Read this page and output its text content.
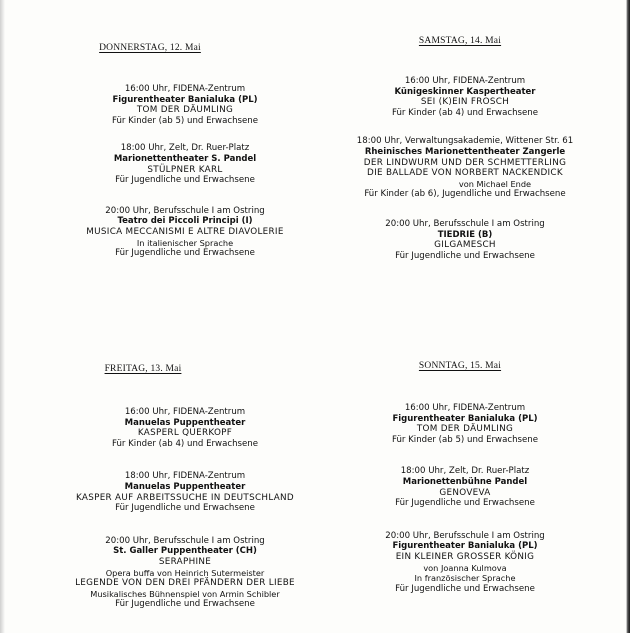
DONNERSTAG, 12. Mai
16:00 Uhr, FIDENA-Zentrum
Figurentheater Banialuka (PL)
TOM DER DÄUMLING
Für Kinder (ab 5) und Erwachsene
18:00 Uhr, Zelt, Dr. Ruer-Platz
Marionettentheater S. Pandel
STÜLPNER KARL
Für Jugendliche und Erwachsene
20:00 Uhr, Berufsschule I am Ostring
Teatro dei Piccoli Principi (I)
MUSICA MECCANISMI E ALTRE DIAVOLERIE
In italienischer Sprache
Für Jugendliche und Erwachsene
SAMSTAG, 14. Mai
16:00 Uhr, FIDENA-Zentrum
Künigeskinner Kaspertheater
SEI (K)EIN FROSCH
Für Kinder (ab 4) und Erwachsene
18:00 Uhr, Verwaltungsakademie, Wittener Str. 61
Rheinisches Marionettentheater Zangerle
DER LINDWURM UND DER SCHMETTERLING
DIE BALLADE VON NORBERT NACKENDICK
von Michael Ende
Für Kinder (ab 6), Jugendliche und Erwachsene
20:00 Uhr, Berufsschule I am Ostring
TIEDRIE (B)
GILGAMESCH
Für Jugendliche und Erwachsene
FREITAG, 13. Mai
16:00 Uhr, FIDENA-Zentrum
Manuelas Puppentheater
KASPERL QUERKOPF
Für Kinder (ab 4) und Erwachsene
18:00 Uhr, FIDENA-Zentrum
Manuelas Puppentheater
KASPER AUF ARBEITSSUCHE IN DEUTSCHLAND
Für Jugendliche und Erwachsene
20:00 Uhr, Berufsschule I am Ostring
St. Galler Puppentheater (CH)
SERAPHINE
Opera buffa von Heinrich Sutermeister
LEGENDE VON DEN DREI PFÄNDERN DER LIEBE
Musikalisches Bühnenspiel von Armin Schibler
Für Jugendliche und Erwachsene
SONNTAG, 15. Mai
16:00 Uhr, FIDENA-Zentrum
Figurentheater Banialuka (PL)
TOM DER DÄUMLING
Für Kinder (ab 5) und Erwachsene
18:00 Uhr, Zelt, Dr. Ruer-Platz
Marionettenbühne Pandel
GENOVEVA
Für Jugendliche und Erwachsene
20:00 Uhr, Berufsschule I am Ostring
Figurentheater Banialuka (PL)
EIN KLEINER GROSSER KÖNIG
von Joanna Kulmova
In französischer Sprache
Für Jugendliche und Erwachsene
